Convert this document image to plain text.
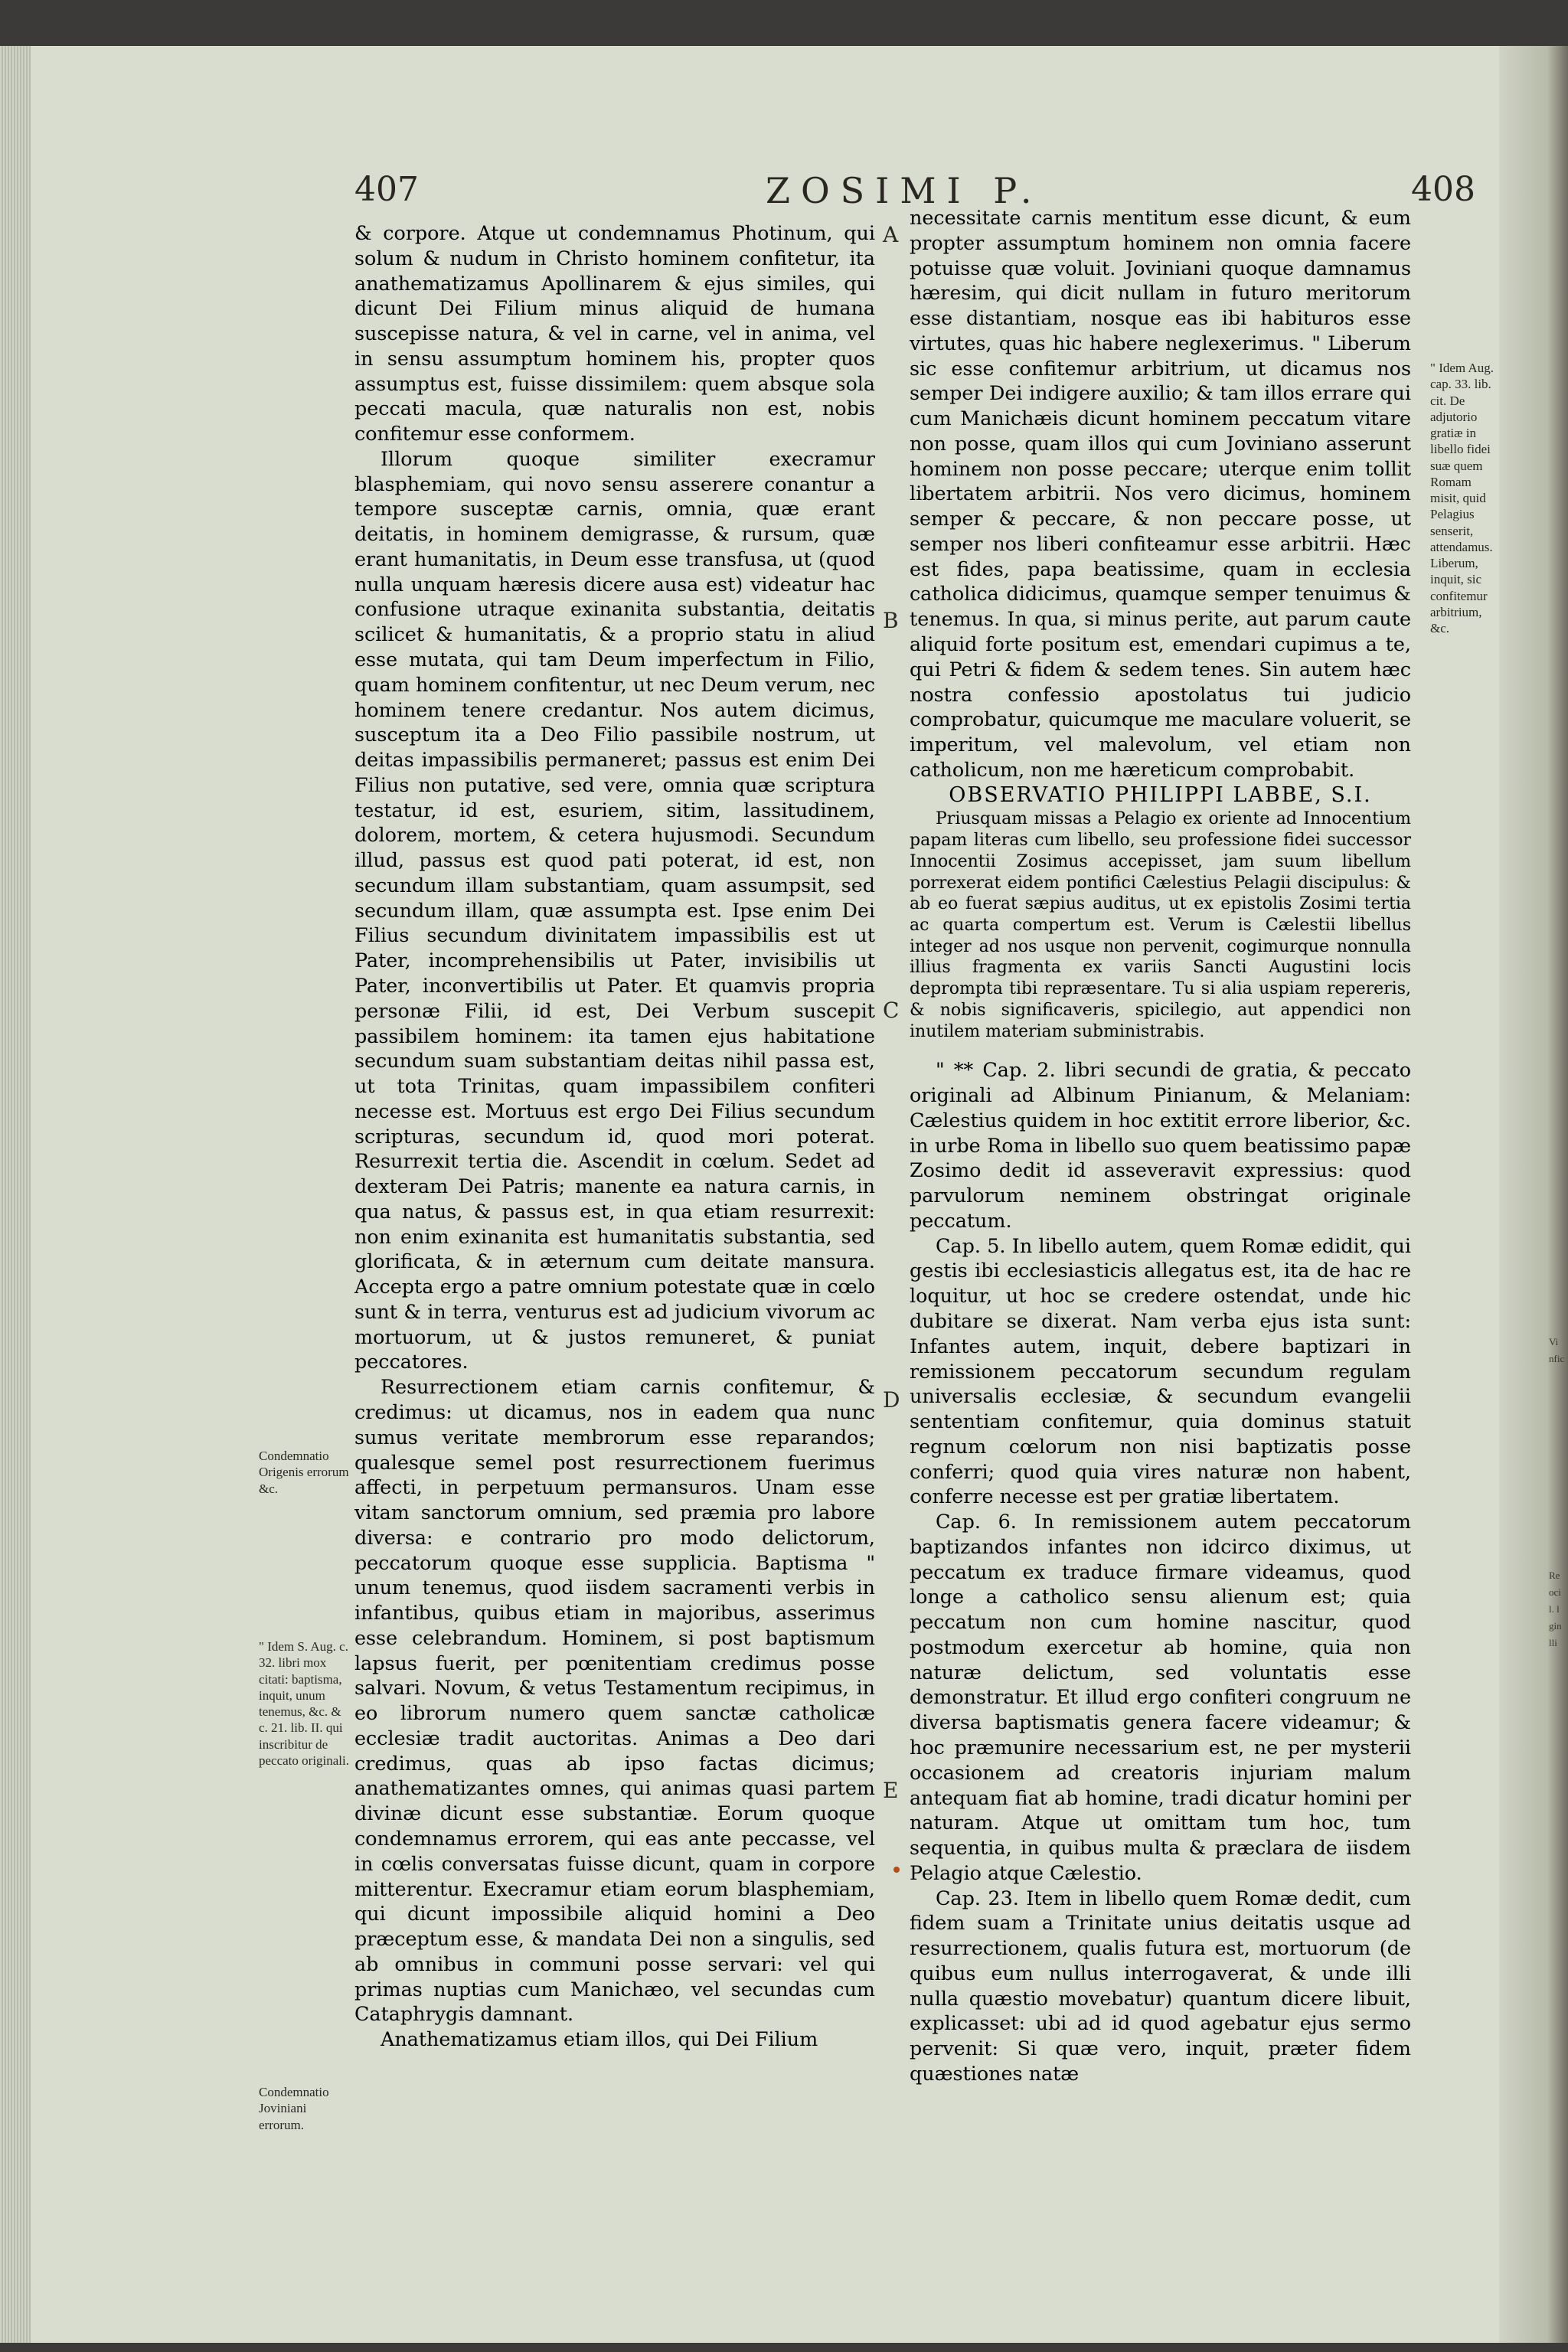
407	ZOSIMI P.	408

& corpore. Atque ut condemnamus Photinum, qui solum & nudum in Christo hominem confitetur, ita anathematizamus Apollinarem & ejus similes, qui dicunt Dei Filium minus aliquid de humana suscepisse natura, & vel in carne, vel in anima, vel in sensu assumptum hominem his, propter quos assumptus est, fuisse dissimilem: quem absque sola peccati macula, quæ naturalis non est, nobis confitemur esse conformem.

Illorum quoque similiter execramur blasphemiam, qui novo sensu asserere conantur a tempore susceptæ carnis, omnia, quæ erant deitatis, in hominem demigrasse, & rursum, quæ erant humanitatis, in Deum esse transfusa, ut (quod nulla unquam hæresis dicere ausa est) videatur hac confusione utraque exinanita substantia, deitatis scilicet & humanitatis, & a proprio statu in aliud esse mutata, qui tam Deum imperfectum in Filio, quam hominem confitentur, ut nec Deum verum, nec hominem tenere credantur. Nos autem dicimus, susceptum ita a Deo Filio passibile nostrum, ut deitas impassibilis permaneret; passus est enim Dei Filius non putative, sed vere, omnia quæ scriptura testatur, id est, esuriem, sitim, lassitudinem, dolorem, mortem, & cetera hujusmodi. Secundum illud, passus est quod pati poterat, id est, non secundum illam substantiam, quam assumpsit, sed secundum illam, quæ assumpta est. Ipse enim Dei Filius secundum divinitatem impassibilis est ut Pater, incomprehensibilis ut Pater, invisibilis ut Pater, inconvertibilis ut Pater. Et quamvis propria personæ Filii, id est, Dei Verbum suscepit passibilem hominem: ita tamen ejus habitatione secundum suam substantiam deitas nihil passa est, ut tota Trinitas, quam impassibilem confiteri necesse est. Mortuus est ergo Dei Filius secundum scripturas, secundum id, quod mori poterat. Resurrexit tertia die. Ascendit in cœlum. Sedet ad dexteram Dei Patris; manente ea natura carnis, in qua natus, & passus est, in qua etiam resurrexit: non enim exinanita est humanitatis substantia, sed glorificata, & in æternum cum deitate mansura. Accepta ergo a patre omnium potestate quæ in cœlo sunt & in terra, venturus est ad judicium vivorum ac mortuorum, ut & justos remuneret, & puniat peccatores.

Resurrectionem etiam carnis confitemur, & credimus: ut dicamus, nos in eadem qua nunc sumus veritate membrorum esse reparandos; qualesque semel post resurrectionem fuerimus affecti, in perpetuum permansuros. Unam esse vitam sanctorum omnium, sed præmia pro labore diversa: e contrario pro modo delictorum, peccatorum quoque esse supplicia. Baptisma " unum tenemus, quod iisdem sacramenti verbis in infantibus, quibus etiam in majoribus, asserimus esse celebrandum. Hominem, si post baptismum lapsus fuerit, per pœnitentiam credimus posse salvari. Novum, & vetus Testamentum recipimus, in eo librorum numero quem sanctæ catholicæ ecclesiæ tradit auctoritas. Animas a Deo dari credimus, quas ab ipso factas dicimus; anathematizantes omnes, qui animas quasi partem divinæ dicunt esse substantiæ. Eorum quoque condemnamus errorem, qui eas ante peccasse, vel in cœlis conversatas fuisse dicunt, quam in corpore mitterentur. Execramur etiam eorum blasphemiam, qui dicunt impossibile aliquid homini a Deo præceptum esse, & mandata Dei non a singulis, sed ab omnibus in communi posse servari: vel qui primas nuptias cum Manichæo, vel secundas cum Cataphrygis damnant.

Anathematizamus etiam illos, qui Dei Filium

necessitate carnis mentitum esse dicunt, & eum propter assumptum hominem non omnia facere potuisse quæ voluit. Joviniani quoque damnamus hæresim, qui dicit nullam in futuro meritorum esse distantiam, nosque eas ibi habituros esse virtutes, quas hic habere neglexerimus. " Liberum sic esse confitemur arbitrium, ut dicamus nos semper Dei indigere auxilio; & tam illos errare qui cum Manichæis dicunt hominem peccatum vitare non posse, quam illos qui cum Joviniano asserunt hominem non posse peccare; uterque enim tollit libertatem arbitrii. Nos vero dicimus, hominem semper & peccare, & non peccare posse, ut semper nos liberi confiteamur esse arbitrii. Hæc est fides, papa beatissime, quam in ecclesia catholica didicimus, quamque semper tenuimus & tenemus. In qua, si minus perite, aut parum caute aliquid forte positum est, emendari cupimus a te, qui Petri & fidem & sedem tenes. Sin autem hæc nostra confessio apostolatus tui judicio comprobatur, quicumque me maculare voluerit, se imperitum, vel malevolum, vel etiam non catholicum, non me hæreticum comprobabit.

OBSERVATIO PHILIPPI LABBE, S.I.

Priusquam missas a Pelagio ex oriente ad Innocentium papam literas cum libello, seu professione fidei successor Innocentii Zosimus accepisset, jam suum libellum porrexerat eidem pontifici Cælestius Pelagii discipulus: & ab eo fuerat sæpius auditus, ut ex epistolis Zosimi tertia ac quarta compertum est. Verum is Cælestii libellus integer ad nos usque non pervenit, cogimurque nonnulla illius fragmenta ex variis Sancti Augustini locis deprompta tibi repræsentare. Tu si alia uspiam repereris, & nobis significaveris, spicilegio, aut appendici non inutilem materiam subministrabis.

" ** Cap. 2. libri secundi de gratia, & peccato originali ad Albinum Pinianum, & Melaniam: Cælestius quidem in hoc extitit errore liberior, &c. in urbe Roma in libello suo quem beatissimo papæ Zosimo dedit id asseveravit expressius: quod parvulorum neminem obstringat originale peccatum.

Cap. 5. In libello autem, quem Romæ edidit, qui gestis ibi ecclesiasticis allegatus est, ita de hac re loquitur, ut hoc se credere ostendat, unde hic dubitare se dixerat. Nam verba ejus ista sunt: Infantes autem, inquit, debere baptizari in remissionem peccatorum secundum regulam universalis ecclesiæ, & secundum evangelii sententiam confitemur, quia dominus statuit regnum cœlorum non nisi baptizatis posse conferri; quod quia vires naturæ non habent, conferre necesse est per gratiæ libertatem.

Cap. 6. In remissionem autem peccatorum baptizandos infantes non idcirco diximus, ut peccatum ex traduce firmare videamus, quod longe a catholico sensu alienum est; quia peccatum non cum homine nascitur, quod postmodum exercetur ab homine, quia non naturæ delictum, sed voluntatis esse demonstratur. Et illud ergo confiteri congruum ne diversa baptismatis genera facere videamur; & hoc præmunire necessarium est, ne per mysterii occasionem ad creatoris injuriam malum antequam fiat ab homine, tradi dicatur homini per naturam. Atque ut omittam tum hoc, tum sequentia, in quibus multa & præclara de iisdem Pelagio atque Cælestio.

Cap. 23. Item in libello quem Romæ dedit, cum fidem suam a Trinitate unius deitatis usque ad resurrectionem, qualis futura est, mortuorum (de quibus eum nullus interrogaverat, & unde illi nulla quæstio movebatur) quantum dicere libuit, explicasset: ubi ad id quod agebatur ejus sermo pervenit: Si quæ vero, inquit, præter fidem quæstiones natæ

A
B
C
D
E
Condemnatio Origenis errorum &c.
" Idem S. Aug. c. 32. libri mox citati: baptisma, inquit, unum tenemus, &c. & c. 21. lib. II. qui inscribitur de peccato originali.
Condemnatio Joviniani errorum.
" Idem Aug. cap. 33. lib. cit. De adjutorio gratiæ in libello fidei suæ quem Romam misit, quid Pelagius senserit, attendamus. Liberum, inquit, sic confitemur arbitrium, &c.
Vi
nfic
Re
oci
l. l
gin
lli
